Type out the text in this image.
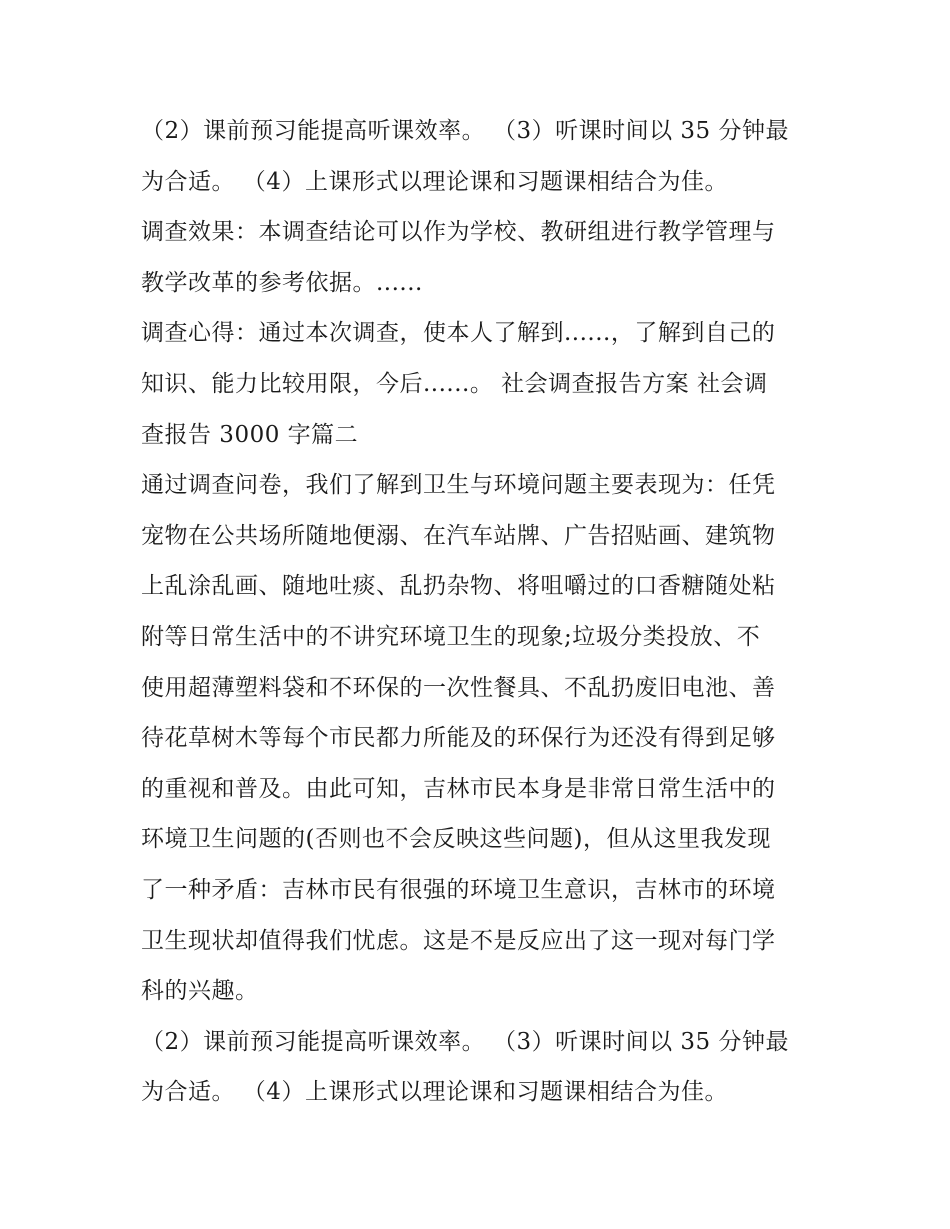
（2）课前预习能提高听课效率。 （3）听课时间以 35 分钟最
为合适。 （4）上课形式以理论课和习题课相结合为佳。
调查效果：本调查结论可以作为学校、教研组进行教学管理与
教学改革的参考依据。......
调查心得：通过本次调查，使本人了解到......，了解到自己的
知识、能力比较用限，今后......。 社会调查报告方案 社会调
查报告 3000 字篇二
通过调查问卷，我们了解到卫生与环境问题主要表现为：任凭
宠物在公共场所随地便溺、在汽车站牌、广告招贴画、建筑物
上乱涂乱画、随地吐痰、乱扔杂物、将咀嚼过的口香糖随处粘
附等日常生活中的不讲究环境卫生的现象;垃圾分类投放、不
使用超薄塑料袋和不环保的一次性餐具、不乱扔废旧电池、善
待花草树木等每个市民都力所能及的环保行为还没有得到足够
的重视和普及。由此可知，吉林市民本身是非常日常生活中的
环境卫生问题的(否则也不会反映这些问题)，但从这里我发现
了一种矛盾：吉林市民有很强的环境卫生意识，吉林市的环境
卫生现状却值得我们忧虑。这是不是反应出了这一现对每门学
科的兴趣。
（2）课前预习能提高听课效率。 （3）听课时间以 35 分钟最
为合适。 （4）上课形式以理论课和习题课相结合为佳。
